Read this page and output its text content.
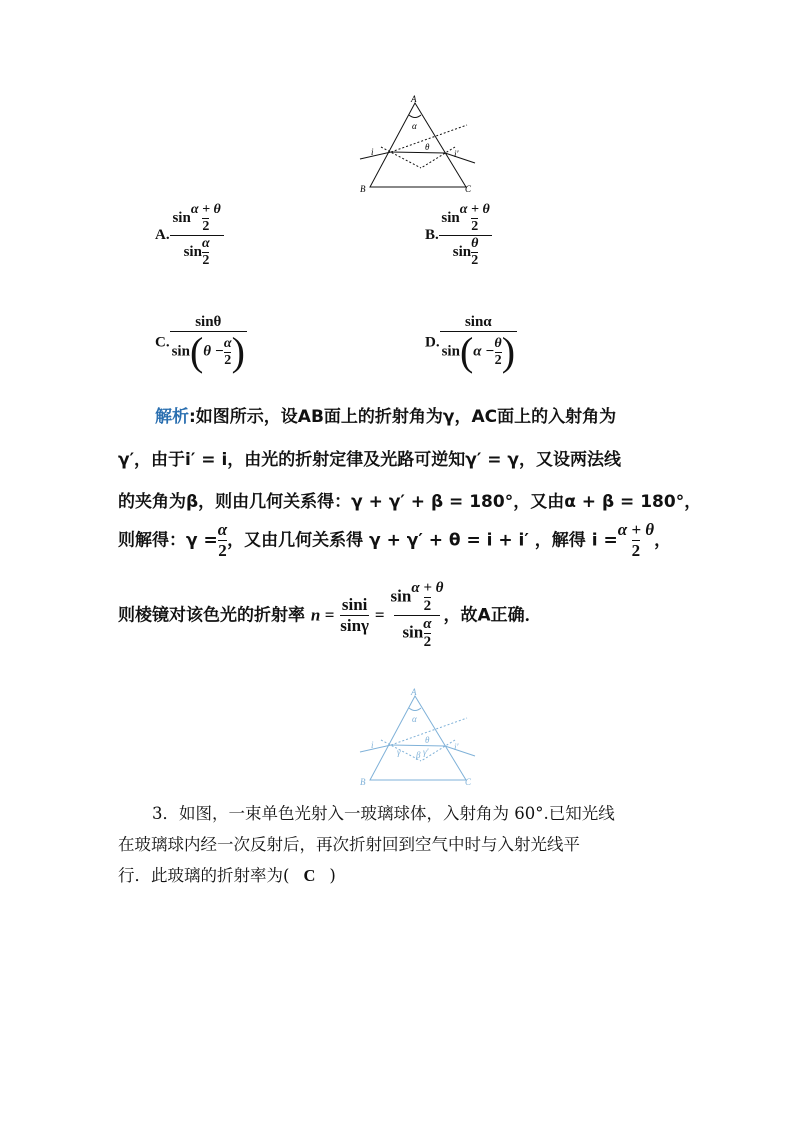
A
B	C
α
i	θ
i′
A. $\frac{\sin \frac{\alpha + \theta}{2}}{\sin \frac{\alpha}{2}}$	B. $\frac{\sin \frac{\alpha + \theta}{2}}{\sin \frac{\theta}{2}}$
C. $\frac{\sin\theta}{\sin(\theta - \frac{\alpha}{2} )}$	D. $\frac{\sin\alpha}{\sin(\alpha - \frac{\theta}{2} )}$
解析:如图所示，设AB面上的折射角为γ，AC面上的入射角为
γ′，由于i′ = i，由光的折射定律及光路可逆知γ′ = γ，又设两法线
的夹角为β，则由几何关系得：γ + γ′ + β = 180°，又由α + β = 180°，
则解得：$\gamma = \frac{\alpha}{2}$ ，又由几何关系得 γ + γ′ + θ = i + i′ ，解得 $i = \frac{\alpha + \theta}{2}$ ，
则棱镜对该色光的折射率 $n = \frac{\sin i}{\sin\gamma} = \frac{\sin \frac{\alpha + \theta}{2}}{\sin \frac{\alpha}{2}}$ ，故A正确．
A
B	C
α
i	θ
i′
γ β γ′
3．如图，一束单色光射入一玻璃球体，入射角为 60°.已知光线
在玻璃球内经一次反射后，再次折射回到空气中时与入射光线平
行．此玻璃的折射率为( C )
